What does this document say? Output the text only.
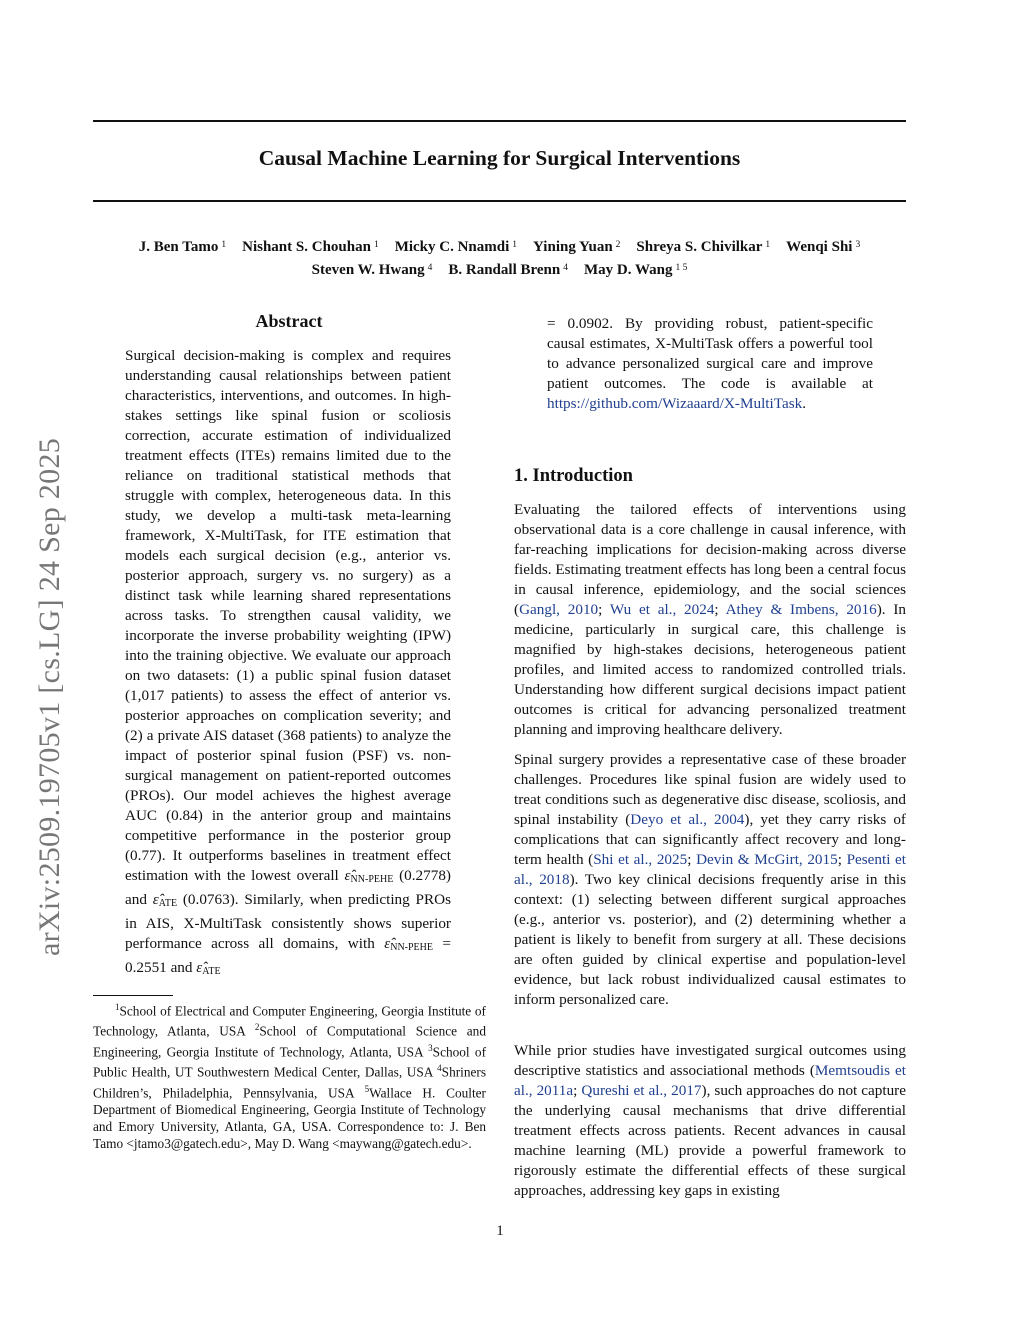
Causal Machine Learning for Surgical Interventions
J. Ben Tamo $^1$ Nishant S. Chouhan $^1$ Micky C. Nnamdi $^1$ Yining Yuan $^2$ Shreya S. Chivilkar $^1$ Wenqi Shi $^3$
Steven W. Hwang $^4$ B. Randall Brenn $^4$ May D. Wang $^{1 5}$
arXiv:2509.19705v1 [cs.LG] 24 Sep 2025
Abstract
Surgical decision-making is complex and requires understanding causal relationships between patient characteristics, interventions, and outcomes. In high-stakes settings like spinal fusion or scoliosis correction, accurate estimation of individualized treatment effects (ITEs) remains limited due to the reliance on traditional statistical methods that struggle with complex, heterogeneous data. In this study, we develop a multi-task meta-learning framework, X-MultiTask, for ITE estimation that models each surgical decision (e.g., anterior vs. posterior approach, surgery vs. no surgery) as a distinct task while learning shared representations across tasks. To strengthen causal validity, we incorporate the inverse probability weighting (IPW) into the training objective. We evaluate our approach on two datasets: (1) a public spinal fusion dataset (1,017 patients) to assess the effect of anterior vs. posterior approaches on complication severity; and (2) a private AIS dataset (368 patients) to analyze the impact of posterior spinal fusion (PSF) vs. non-surgical management on patient-reported outcomes (PROs). Our model achieves the highest average AUC (0.84) in the anterior group and maintains competitive performance in the posterior group (0.77). It outperforms baselines in treatment effect estimation with the lowest overall $\varepsilon̂_{NN-PEHE}$ (0.2778) and $\varepsilon̂_{ATE}$ (0.0763). Similarly, when predicting PROs in AIS, X-MultiTask consistently shows superior performance across all domains, with $\varepsilon̂_{NN-PEHE} = 0.2551$ and $\varepsilon̂_{ATE}$
$^1$School of Electrical and Computer Engineering, Georgia Institute of Technology, Atlanta, USA $^2$School of Computational Science and Engineering, Georgia Institute of Technology, Atlanta, USA $^3$School of Public Health, UT Southwestern Medical Center, Dallas, USA $^4$Shriners Children’s, Philadelphia, Pennsylvania, USA $^5$Wallace H. Coulter Department of Biomedical Engineering, Georgia Institute of Technology and Emory University, Atlanta, GA, USA. Correspondence to: J. Ben Tamo <jtamo3@gatech.edu>, May D. Wang <maywang@gatech.edu>.
= 0.0902. By providing robust, patient-specific causal estimates, X-MultiTask offers a powerful tool to advance personalized surgical care and improve patient outcomes. The code is available at https://github.com/Wizaaard/X-MultiTask.
1. Introduction
Evaluating the tailored effects of interventions using observational data is a core challenge in causal inference, with far-reaching implications for decision-making across diverse fields. Estimating treatment effects has long been a central focus in causal inference, epidemiology, and the social sciences (Gangl, 2010; Wu et al., 2024; Athey & Imbens, 2016). In medicine, particularly in surgical care, this challenge is magnified by high-stakes decisions, heterogeneous patient profiles, and limited access to randomized controlled trials. Understanding how different surgical decisions impact patient outcomes is critical for advancing personalized treatment planning and improving healthcare delivery.
Spinal surgery provides a representative case of these broader challenges. Procedures like spinal fusion are widely used to treat conditions such as degenerative disc disease, scoliosis, and spinal instability (Deyo et al., 2004), yet they carry risks of complications that can significantly affect recovery and long-term health (Shi et al., 2025; Devin & McGirt, 2015; Pesenti et al., 2018). Two key clinical decisions frequently arise in this context: (1) selecting between different surgical approaches (e.g., anterior vs. posterior), and (2) determining whether a patient is likely to benefit from surgery at all. These decisions are often guided by clinical expertise and population-level evidence, but lack robust individualized causal estimates to inform personalized care.
While prior studies have investigated surgical outcomes using descriptive statistics and associational methods (Memtsoudis et al., 2011a; Qureshi et al., 2017), such approaches do not capture the underlying causal mechanisms that drive differential treatment effects across patients. Recent advances in causal machine learning (ML) provide a powerful framework to rigorously estimate the differential effects of these surgical approaches, addressing key gaps in existing
1
